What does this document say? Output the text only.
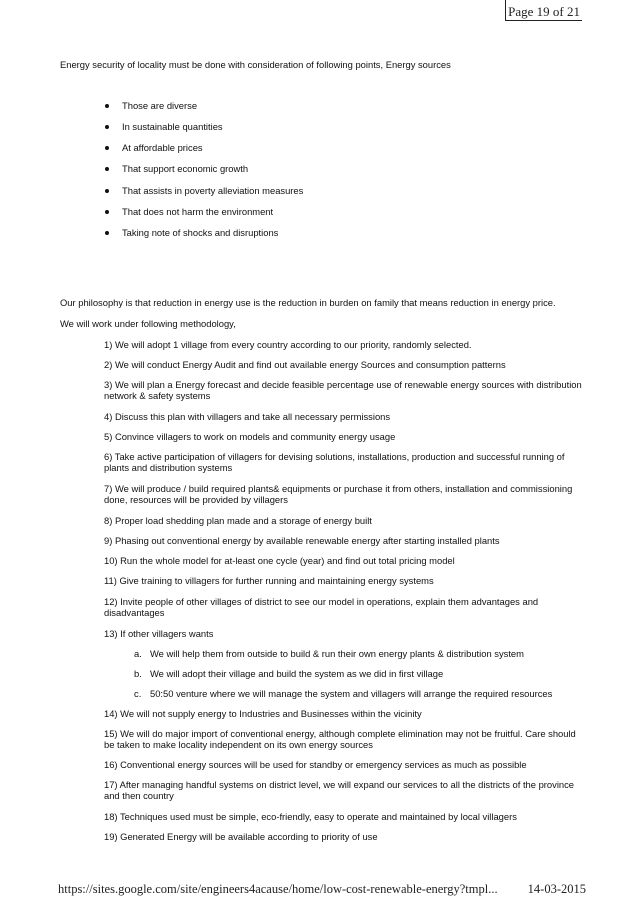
Page 19 of 21
Energy security of locality must be done with consideration of following points, Energy sources
Those are diverse
In sustainable quantities
At affordable prices
That support economic growth
That assists in poverty alleviation measures
That does not harm the environment
Taking note of shocks and disruptions
Our philosophy is that reduction in energy use is the reduction in burden on family that means reduction in energy price.
We will work under following methodology,
1) We will adopt 1 village from every country according to our priority, randomly selected.
2) We will conduct Energy Audit and find out available energy Sources and consumption patterns
3) We will plan a Energy forecast and decide feasible percentage use of renewable energy sources with distribution network & safety systems
4) Discuss this plan with villagers and take all necessary permissions
5) Convince villagers to work on models and community energy usage
6) Take active participation of villagers for devising solutions, installations, production and successful running of plants and distribution systems
7) We will produce / build required plants& equipments or purchase it from others, installation and commissioning done, resources will be provided by villagers
8) Proper load shedding plan made and a storage of energy built
9) Phasing out conventional energy by available renewable energy after starting installed plants
10) Run the whole model for at-least one cycle (year) and find out total pricing model
11) Give training to villagers for further running and maintaining energy systems
12) Invite people of other villages of district to see our model in operations, explain them advantages and disadvantages
13) If other villagers wants
a. We will help them from outside to build & run their own energy plants & distribution system
b. We will adopt their village and build the system as we did in first village
c. 50:50 venture where we will manage the system and villagers will arrange the required resources
14) We will not supply energy to Industries and Businesses within the vicinity
15) We will do major import of conventional energy, although complete elimination may not be fruitful. Care should be taken to make locality independent on its own energy sources
16) Conventional energy sources will be used for standby or emergency services as much as possible
17) After managing handful systems on district level, we will expand our services to all the districts of the province and then country
18) Techniques used must be simple, eco-friendly, easy to operate and maintained by local villagers
19) Generated Energy will be available according to priority of use
https://sites.google.com/site/engineers4acause/home/low-cost-renewable-energy?tmpl... 14-03-2015
